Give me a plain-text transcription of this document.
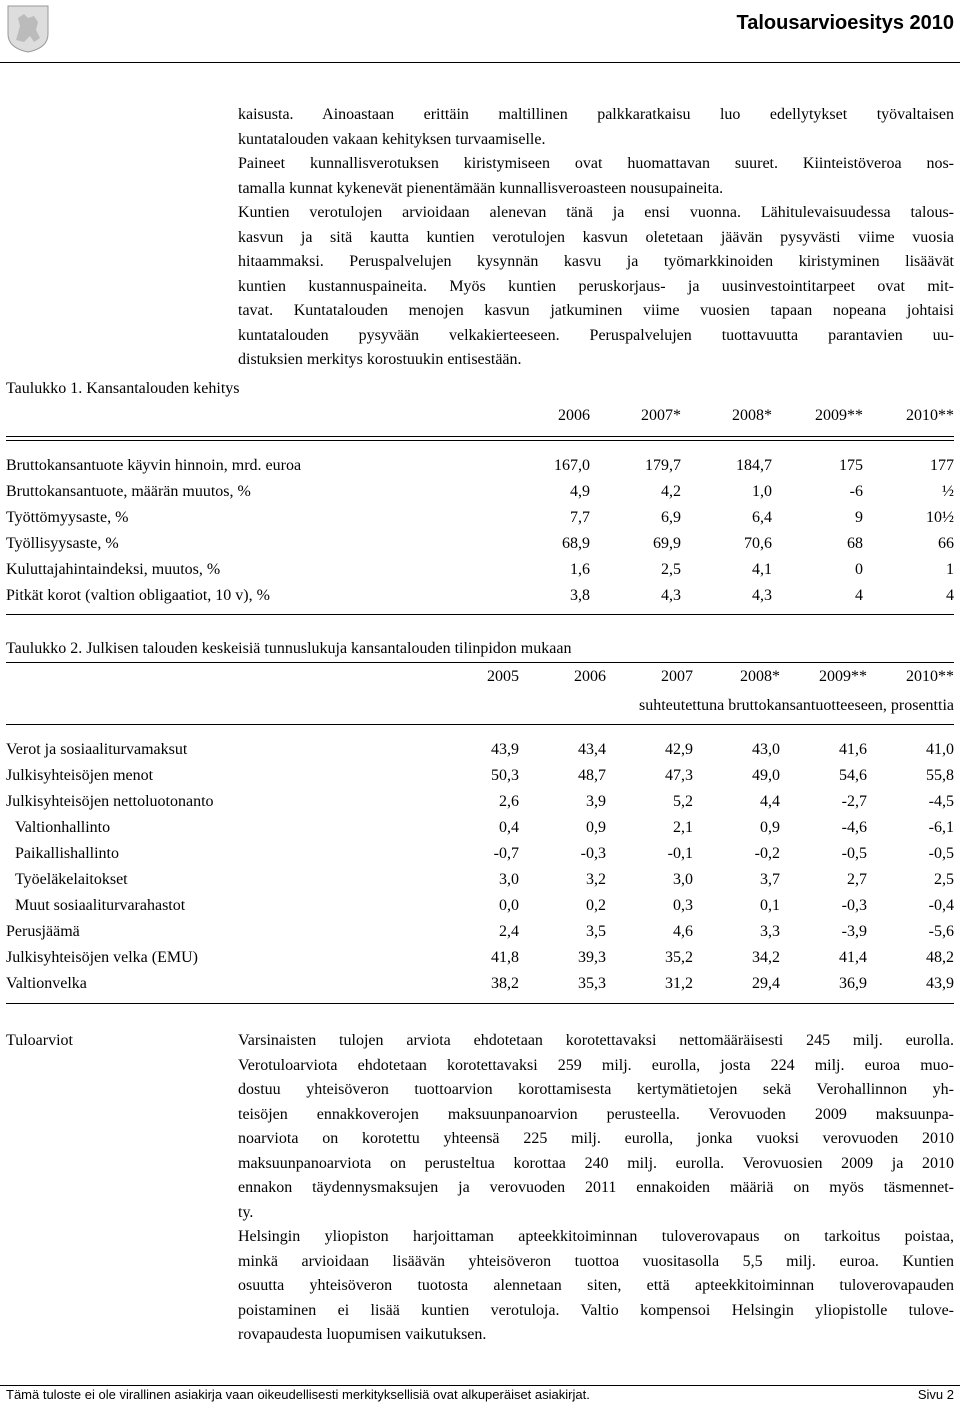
Talousarvioesitys 2010
kaisusta. Ainoastaan erittäin maltillinen palkkaratkaisu luo edellytykset työvaltaisen
kuntatalouden vakaan kehityksen turvaamiselle.
Paineet kunnallisverotuksen kiristymiseen ovat huomattavan suuret. Kiinteistöveroa nos-
tamalla kunnat kykenevät pienentämään kunnallisveroasteen nousupaineita.
Kuntien verotulojen arvioidaan alenevan tänä ja ensi vuonna. Lähitulevaisuudessa talous-
kasvun ja sitä kautta kuntien verotulojen kasvun oletetaan jäävän pysyvästi viime vuosia
hitaammaksi. Peruspalvelujen kysynnän kasvu ja työmarkkinoiden kiristyminen lisäävät
kuntien kustannuspaineita. Myös kuntien peruskorjaus- ja uusinvestointitarpeet ovat mit-
tavat. Kuntatalouden menojen kasvun jatkuminen viime vuosien tapaan nopeana johtaisi
kuntatalouden pysyvään velkakierteeseen. Peruspalvelujen tuottavuutta parantavien uu-
distuksien merkitys korostuukin entisestään.
Taulukko 1. Kansantalouden kehitys
2006	2007*	2008*	2009**	2010**
Bruttokansantuote käyvin hinnoin, mrd. euroa	167,0	179,7	184,7	175	177
Bruttokansantuote, määrän muutos, %	4,9	4,2	1,0	-6	½
Työttömyysaste, %	7,7	6,9	6,4	9	10½
Työllisyysaste, %	68,9	69,9	70,6	68	66
Kuluttajahintaindeksi, muutos, %	1,6	2,5	4,1	0	1
Pitkät korot (valtion obligaatiot, 10 v), %	3,8	4,3	4,3	4	4
Taulukko 2. Julkisen talouden keskeisiä tunnuslukuja kansantalouden tilinpidon mukaan
2005	2006	2007	2008*	2009**	2010**
suhteutettuna bruttokansantuotteeseen, prosenttia
Verot ja sosiaaliturvamaksut	43,9	43,4	42,9	43,0	41,6	41,0
Julkisyhteisöjen menot	50,3	48,7	47,3	49,0	54,6	55,8
Julkisyhteisöjen nettoluotonanto	2,6	3,9	5,2	4,4	-2,7	-4,5
Valtionhallinto	0,4	0,9	2,1	0,9	-4,6	-6,1
Paikallishallinto	-0,7	-0,3	-0,1	-0,2	-0,5	-0,5
Työeläkelaitokset	3,0	3,2	3,0	3,7	2,7	2,5
Muut sosiaaliturvarahastot	0,0	0,2	0,3	0,1	-0,3	-0,4
Perusjäämä	2,4	3,5	4,6	3,3	-3,9	-5,6
Julkisyhteisöjen velka (EMU)	41,8	39,3	35,2	34,2	41,4	48,2
Valtionvelka	38,2	35,3	31,2	29,4	36,9	43,9
Tuloarviot	Varsinaisten tulojen arviota ehdotetaan korotettavaksi nettomääräisesti 245 milj. eurolla.
Verotuloarviota ehdotetaan korotettavaksi 259 milj. eurolla, josta 224 milj. euroa muo-
dostuu yhteisöveron tuottoarvion korottamisesta kertymätietojen sekä Verohallinnon yh-
teisöjen ennakkoverojen maksuunpanoarvion perusteella. Verovuoden 2009 maksuunpa-
noarviota on korotettu yhteensä 225 milj. eurolla, jonka vuoksi verovuoden 2010
maksuunpanoarviota on perusteltua korottaa 240 milj. eurolla. Verovuosien 2009 ja 2010
ennakon täydennysmaksujen ja verovuoden 2011 ennakoiden määriä on myös täsmennet-
ty.
Helsingin yliopiston harjoittaman apteekkitoiminnan tuloverovapaus on tarkoitus poistaa,
minkä arvioidaan lisäävän yhteisöveron tuottoa vuositasolla 5,5 milj. euroa. Kuntien
osuutta yhteisöveron tuotosta alennetaan siten, että apteekkitoiminnan tuloverovapauden
poistaminen ei lisää kuntien verotuloja. Valtio kompensoi Helsingin yliopistolle tulove-
rovapaudesta luopumisen vaikutuksen.
Tämä tuloste ei ole virallinen asiakirja vaan oikeudellisesti merkityksellisiä ovat alkuperäiset asiakirjat.	Sivu 2
